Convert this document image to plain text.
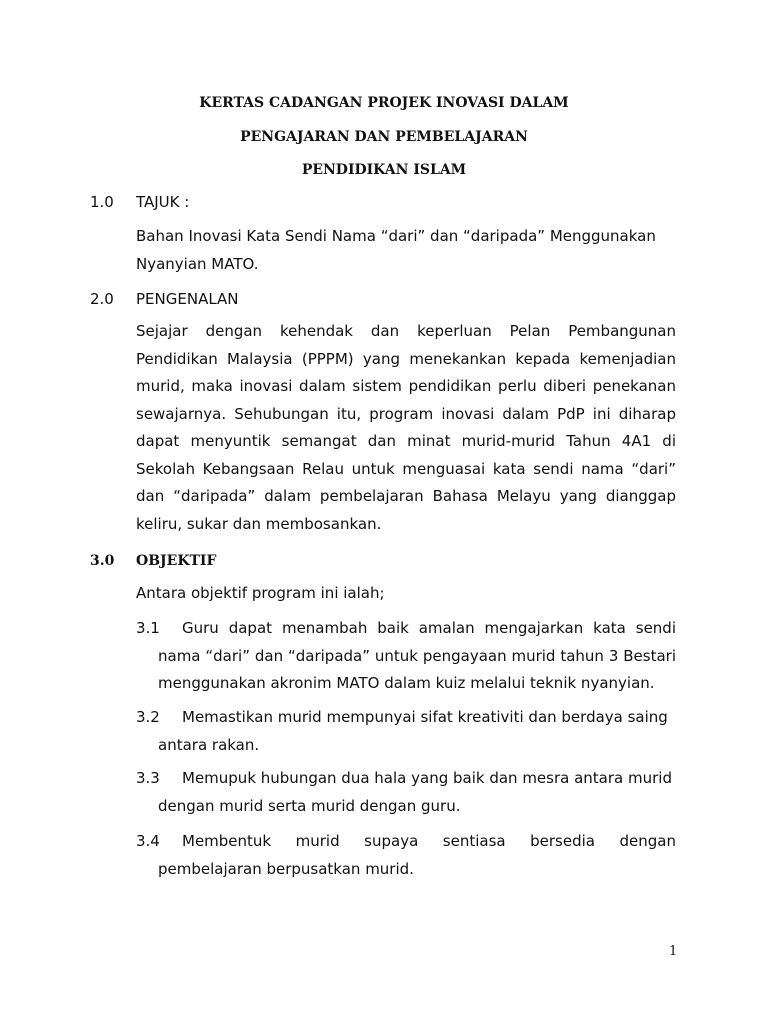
KERTAS CADANGAN PROJEK INOVASI DALAM
PENGAJARAN DAN PEMBELAJARAN
PENDIDIKAN ISLAM
1.0 TAJUK :
Bahan Inovasi Kata Sendi Nama “dari” dan “daripada” Menggunakan
Nyanyian MATO.
2.0 PENGENALAN

Sejajar dengan kehendak dan keperluan Pelan Pembangunan Pendidikan Malaysia (PPPM) yang menekankan kepada kemenjadian murid, maka inovasi dalam sistem pendidikan perlu diberi penekanan sewajarnya. Sehubungan itu, program inovasi dalam PdP ini diharap dapat menyuntik semangat dan minat murid-murid Tahun 4A1 di Sekolah Kebangsaan Relau untuk menguasai kata sendi nama “dari” dan “daripada” dalam pembelajaran Bahasa Melayu yang dianggap keliru, sukar dan membosankan.

3.0 OBJEKTIF
Antara objektif program ini ialah;
3.1 Guru dapat menambah baik amalan mengajarkan kata sendi
nama “dari” dan “daripada” untuk pengayaan murid tahun 3 Bestari menggunakan akronim MATO dalam kuiz melalui teknik nyanyian.
3.2 Memastikan murid mempunyai sifat kreativiti dan berdaya saing
antara rakan.
3.3 Memupuk hubungan dua hala yang baik dan mesra antara murid
dengan murid serta murid dengan guru.
3.4 Membentuk murid supaya sentiasa bersedia dengan
pembelajaran berpusatkan murid.
1
